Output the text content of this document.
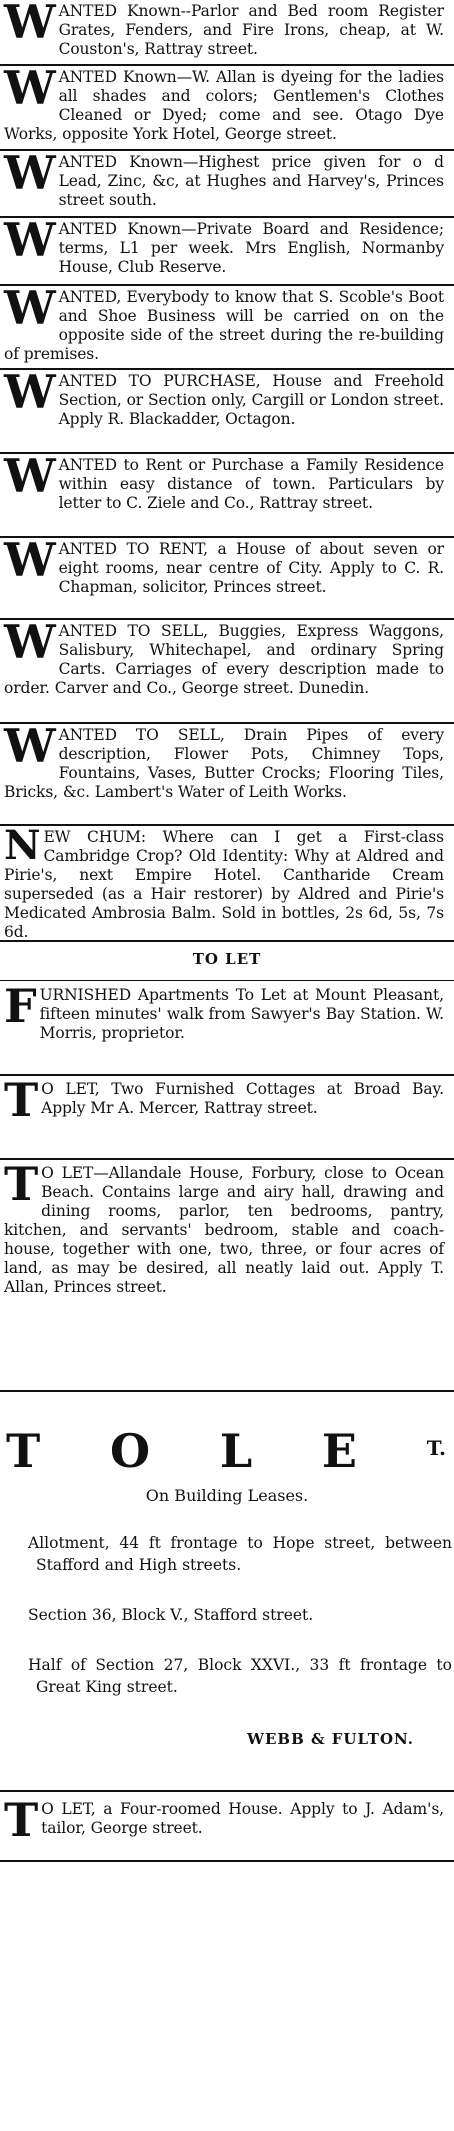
W ANTED Known--Parlor and Bed room Register Grates, Fenders, and Fire Irons, cheap, at W. Couston's, Rattray street.

W ANTED Known—W. Allan is dyeing for the ladies all shades and colors; Gentlemen's Clothes Cleaned or Dyed; come and see. Otago Dye Works, opposite York Hotel, George street.

W ANTED Known—Highest price given for o d Lead, Zinc, &c, at Hughes and Harvey's, Princes street south.

W ANTED Known—Private Board and Residence; terms, L1 per week. Mrs English, Normanby House, Club Reserve.

W ANTED, Everybody to know that S. Scoble's Boot and Shoe Business will be carried on on the opposite side of the street during the re-building of premises.

W ANTED TO PURCHASE, House and Freehold Section, or Section only, Cargill or London street. Apply R. Blackadder, Octagon.

W ANTED to Rent or Purchase a Family Residence within easy distance of town. Particulars by letter to C. Ziele and Co., Rattray street.

W ANTED TO RENT, a House of about seven or eight rooms, near centre of City. Apply to C. R. Chapman, solicitor, Princes street.

W ANTED TO SELL, Buggies, Express Waggons, Salisbury, Whitechapel, and ordinary Spring Carts. Carriages of every description made to order. Carver and Co., George street. Dunedin.

W ANTED TO SELL, Drain Pipes of every description, Flower Pots, Chimney Tops, Fountains, Vases, Butter Crocks; Flooring Tiles, Bricks, &c. Lambert's Water of Leith Works.

N EW CHUM: Where can I get a First-class Cambridge Crop? Old Identity: Why at Aldred and Pirie's, next Empire Hotel. Cantharide Cream superseded (as a Hair restorer) by Aldred and Pirie's Medicated Ambrosia Balm. Sold in bottles, 2s 6d, 5s, 7s 6d.

TO LET
F URNISHED Apartments To Let at Mount Pleasant, fifteen minutes' walk from Sawyer's Bay Station. W. Morris, proprietor.

T O LET, Two Furnished Cottages at Broad Bay. Apply Mr A. Mercer, Rattray street.

T O LET—Allandale House, Forbury, close to Ocean Beach. Contains large and airy hall, drawing and dining rooms, parlor, ten bedrooms, pantry, kitchen, and servants' bedroom, stable and coach-house, together with one, two, three, or four acres of land, as may be desired, all neatly laid out. Apply T. Allan, Princes street.

T O L E	T.
On Building Leases.
Allotment, 44 ft frontage to Hope street, between Stafford and High streets.
Section 36, Block V., Stafford street.
Half of Section 27, Block XXVI., 33 ft frontage to Great King street.
WEBB & FULTON.
T O LET, a Four-roomed House. Apply to J. Adam's, tailor, George street.
